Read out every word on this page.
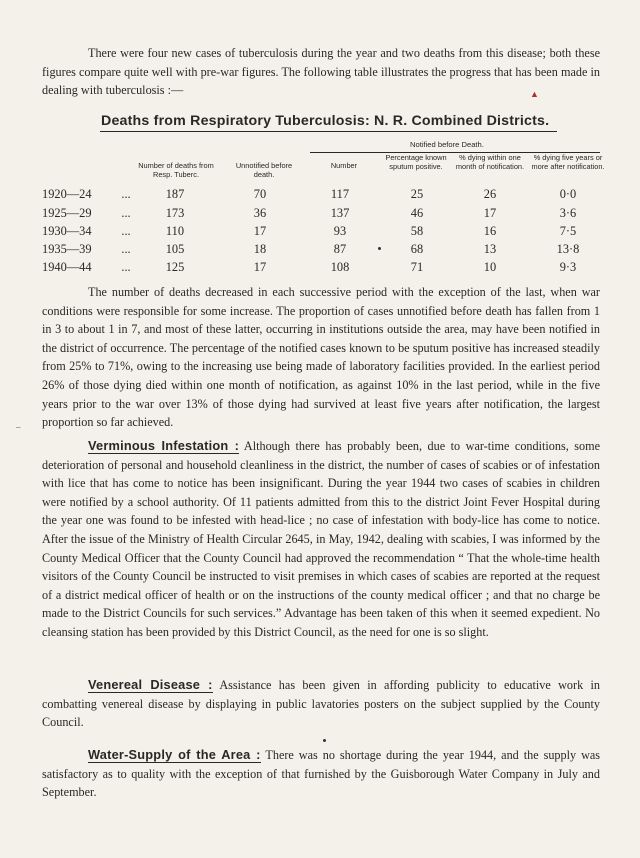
There were four new cases of tuberculosis during the year and two deaths from this disease; both these figures compare quite well with pre-war figures. The following table illustrates the progress that has been made in dealing with tuberculosis :—	▲
Deaths from Respiratory Tuberculosis: N. R. Combined Districts.
Notified before Death.
Number of deaths from Resp. Tuberc.
Unnotified before death.
Number
Percentage known sputum positive.
% dying within one month of notification.
% dying five years or more after notification.
1920—24	...	187	70	117	25	26	0·0
1925—29	...	173	36	137	46	17	3·6
1930—34	...	110	17	93	58	16	7·5
1935—39	...	105	18	87	68	13	13·8
1940—44	...	125	17	108	71	10	9·3

The number of deaths decreased in each successive period with the exception of the last, when war conditions were responsible for some increase. The proportion of cases unnotified before death has fallen from 1 in 3 to about 1 in 7, and most of these latter, occurring in institutions outside the area, may have been notified in the district of occurrence. The percentage of the notified cases known to be sputum positive has increased steadily from 25% to 71%, owing to the increasing use being made of laboratory facilities provided. In the earliest period 26% of those dying died within one month of notification, as against 10% in the last period, while in the five years prior to the war over 13% of those dying had survived at least five years after notification, the largest proportion so far achieved.

–

Verminous Infestation : Although there has probably been, due to war-time conditions, some deterioration of personal and household cleanliness in the district, the number of cases of scabies or of infestation with lice that has come to notice has been insignificant. During the year 1944 two cases of scabies in children were notified by a school authority. Of 11 patients admitted from this to the district Joint Fever Hospital during the year one was found to be infested with head-lice ; no case of infestation with body-lice has come to notice. After the issue of the Ministry of Health Circular 2645, in May, 1942, dealing with scabies, I was informed by the County Medical Officer that the County Council had approved the recommendation “ That the whole-time health visitors of the County Council be instructed to visit premises in which cases of scabies are reported at the request of a district medical officer of health or on the instructions of the county medical officer ; and that no charge be made to the District Councils for such services.” Advantage has been taken of this when it seemed expedient. No cleansing station has been provided by this District Council, as the need for one is so slight.

Venereal Disease : Assistance has been given in affording publicity to educative work in combatting venereal disease by displaying in public lavatories posters on the subject supplied by the County Council.

Water-Supply of the Area : There was no shortage during the year 1944, and the supply was satisfactory as to quality with the exception of that furnished by the Guisborough Water Company in July and September.
